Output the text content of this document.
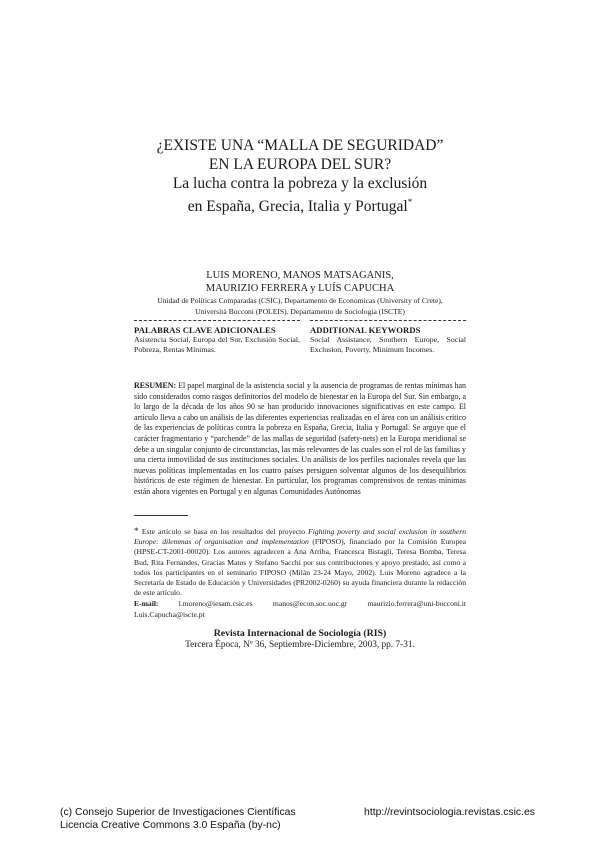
¿EXISTE UNA “MALLA DE SEGURIDAD”
EN LA EUROPA DEL SUR?
La lucha contra la pobreza y la exclusión
en España, Grecia, Italia y Portugal*
LUIS MORENO, MANOS MATSAGANIS,
MAURIZIO FERRERA y LUÍS CAPUCHA
Unidad de Políticas Comparadas (CSIC), Departamento de Economicas (University of Crete),
Università Bocconi (POLEIS). Departamento de Sociologia (ISCTE)
PALABRAS CLAVE ADICIONALES
Asistencia Social, Europa del Sur, Exclusión Social, Pobreza, Rentas Mínimas.
ADDITIONAL KEYWORDS
Social Assistance, Southern Europe, Social Exclusion, Poverty, Minimum Incomes.
RESUMEN: El papel marginal de la asistencia social y la ausencia de programas de rentas mínimas han sido considerados como rasgos definitorios del modelo de bienestar en la Europa del Sur. Sin embargo, a lo largo de la década de los años 90 se han producido innovaciones significativas en este campo. El artículo lleva a cabo un análisis de las diferentes experiencias realizadas en el área con un análisis crítico de las experiencias de políticas contra la pobreza en España, Grecia, Italia y Portugal. Se arguye que el carácter fragmentario y “parchende” de las mallas de seguridad (safety-nets) en la Europa meridional se debe a un singular conjunto de circunstancias, las más relevantes de las cuales son el rol de las familias y una cierta inmovilidad de sus instituciones sociales. Un análisis de los perfiles nacionales revela que las nuevas políticas implementadas en los cuatro países persiguen solventar algunos de los desequilibrios históricos de este régimen de bienestar. En particular, los programas comprensivos de rentas mínimas están ahora vigentes en Portugal y en algunas Comunidades Autónomas
* Este artículo se basa en los resultados del proyecto Fighting poverty and social exclusion in southern Europe: dilemmas of organisation and implementation (FIPOSO), financiado por la Comisión Europea (HPSE-CT-2001-00020). Los autores agradecen a Ana Arriba, Francesca Bistagli, Teresa Bomba, Teresa Bud, Rita Fernandes, Gracias Matos y Stefano Sacchi por sus contribuciones y apoyo prestado, así como a todos los participantes en el seminario FIPOSO (Milán 23-24 Mayo, 2002). Luis Moreno agradece a la Secretaría de Estado de Educación y Universidades (PR2002-0260) su ayuda financiera durante la redacción de este artículo.
E-mail: l.moreno@iesam.csic.es manos@econ.soc.uoc.gr maurizio.ferrera@uni-bocconi.it Luis.Capucha@iscte.pt
Revista Internacional de Sociología (RIS)
Tercera Época, Nº 36, Septiembre-Diciembre, 2003, pp. 7-31.
(c) Consejo Superior de Investigaciones Científicas
Licencia Creative Commons 3.0 España (by-nc)
http://revintsociologia.revistas.csic.es
